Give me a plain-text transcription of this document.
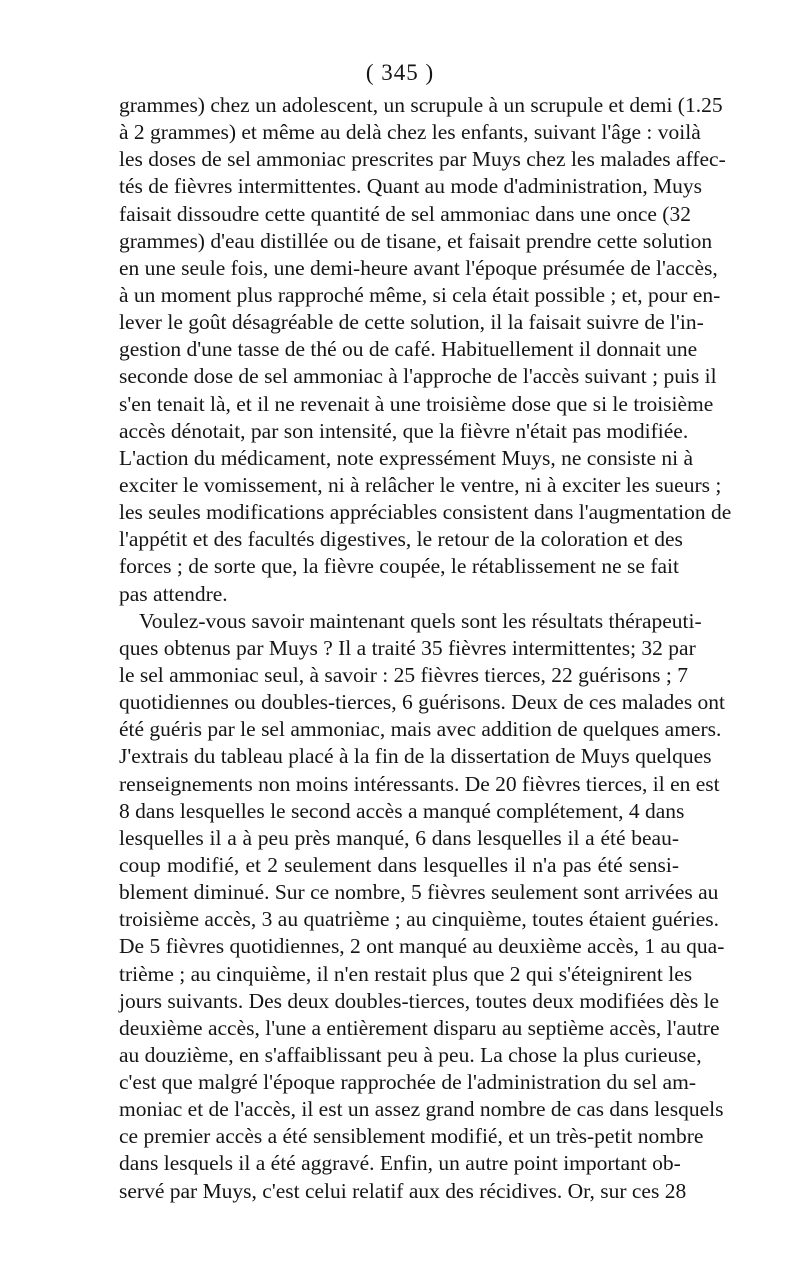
( 345 )
grammes) chez un adolescent, un scrupule à un scrupule et demi (1.25
à 2 grammes) et même au delà chez les enfants, suivant l'âge : voilà
les doses de sel ammoniac prescrites par Muys chez les malades affec-
tés de fièvres intermittentes. Quant au mode d'administration, Muys
faisait dissoudre cette quantité de sel ammoniac dans une once (32
grammes) d'eau distillée ou de tisane, et faisait prendre cette solution
en une seule fois, une demi-heure avant l'époque présumée de l'accès,
à un moment plus rapproché même, si cela était possible ; et, pour en-
lever le goût désagréable de cette solution, il la faisait suivre de l'in-
gestion d'une tasse de thé ou de café. Habituellement il donnait une
seconde dose de sel ammoniac à l'approche de l'accès suivant ; puis il
s'en tenait là, et il ne revenait à une troisième dose que si le troisième
accès dénotait, par son intensité, que la fièvre n'était pas modifiée.
L'action du médicament, note expressément Muys, ne consiste ni à
exciter le vomissement, ni à relâcher le ventre, ni à exciter les sueurs ;
les seules modifications appréciables consistent dans l'augmentation de
l'appétit et des facultés digestives, le retour de la coloration et des
forces ; de sorte que, la fièvre coupée, le rétablissement ne se fait
pas attendre.
Voulez-vous savoir maintenant quels sont les résultats thérapeuti-
ques obtenus par Muys ? Il a traité 35 fièvres intermittentes; 32 par
le sel ammoniac seul, à savoir : 25 fièvres tierces, 22 guérisons ; 7
quotidiennes ou doubles-tierces, 6 guérisons. Deux de ces malades ont
été guéris par le sel ammoniac, mais avec addition de quelques amers.
J'extrais du tableau placé à la fin de la dissertation de Muys quelques
renseignements non moins intéressants. De 20 fièvres tierces, il en est
8 dans lesquelles le second accès a manqué complétement, 4 dans
lesquelles il a à peu près manqué, 6 dans lesquelles il a été beau-
coup modifié, et 2 seulement dans lesquelles il n'a pas été sensi-
blement diminué. Sur ce nombre, 5 fièvres seulement sont arrivées au
troisième accès, 3 au quatrième ; au cinquième, toutes étaient guéries.
De 5 fièvres quotidiennes, 2 ont manqué au deuxième accès, 1 au qua-
trième ; au cinquième, il n'en restait plus que 2 qui s'éteignirent les
jours suivants. Des deux doubles-tierces, toutes deux modifiées dès le
deuxième accès, l'une a entièrement disparu au septième accès, l'autre
au douzième, en s'affaiblissant peu à peu. La chose la plus curieuse,
c'est que malgré l'époque rapprochée de l'administration du sel am-
moniac et de l'accès, il est un assez grand nombre de cas dans lesquels
ce premier accès a été sensiblement modifié, et un très-petit nombre
dans lesquels il a été aggravé. Enfin, un autre point important ob-
servé par Muys, c'est celui relatif aux des récidives. Or, sur ces 28
